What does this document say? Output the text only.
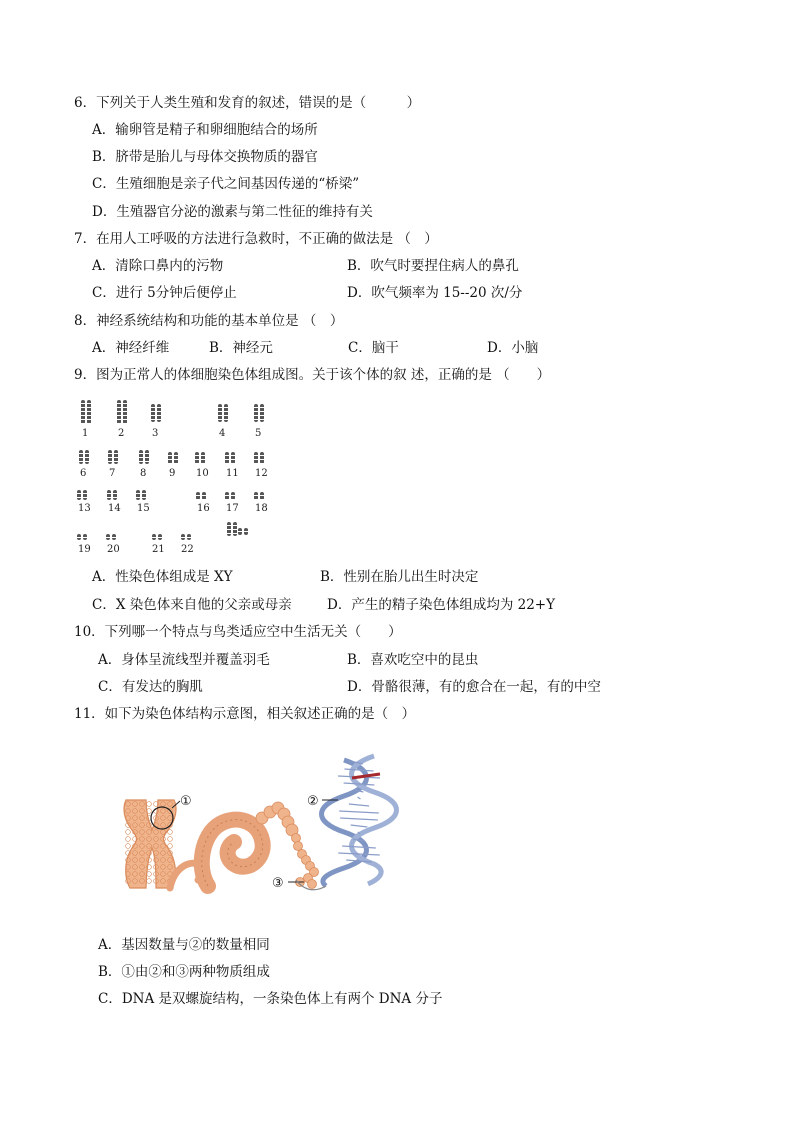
6．下列关于人类生殖和发育的叙述，错误的是（　　　）
A．输卵管是精子和卵细胞结合的场所
B．脐带是胎儿与母体交换物质的器官
C．生殖细胞是亲子代之间基因传递的“桥梁”
D．生殖器官分泌的激素与第二性征的维持有关
7．在用人工呼吸的方法进行急救时，不正确的做法是 （　）
A．清除口鼻内的污物	B．吹气时要捏住病人的鼻孔
C．进行 5分钟后便停止	D．吹气频率为 15--20 次/分
8．神经系统结构和功能的基本单位是 （　）
A．神经纤维	B．神经元	C．脑干	D．小脑
9．图为正常人的体细胞染色体组成图。关于该个体的叙 述，正确的是 （　　）
1	2	3	4	5
6 7 8 9 10 11 12
13 14 15	16 17 18
19 20	21 22
A．性染色体组成是 XY	B．性别在胎儿出生时决定
C．X 染色体来自他的父亲或母亲	D．产生的精子染色体组成均为 22+Y
10．下列哪一个特点与鸟类适应空中生活无关（　　）
A．身体呈流线型并覆盖羽毛	B．喜欢吃空中的昆虫
C．有发达的胸肌	D．骨骼很薄，有的愈合在一起，有的中空
11．如下为染色体结构示意图，相关叙述正确的是（　）
①
③
②
A．基因数量与②的数量相同
B．①由②和③两种物质组成
C．DNA 是双螺旋结构，一条染色体上有两个 DNA 分子
